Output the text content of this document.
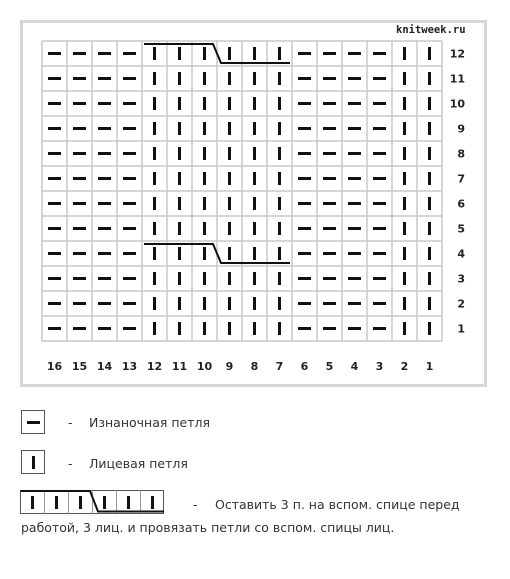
knitweek.ru
12
11
10
9
8
7
6
5
4
3
2
1
16 15 14 13 12 11 10 9 8 7 6 5 4 3 2 1
- Изнаночная петля
- Лицевая петля
- Оставить 3 п. на вспом. спице перед
работой, 3 лиц. и провязать петли со вспом. спицы лиц.
